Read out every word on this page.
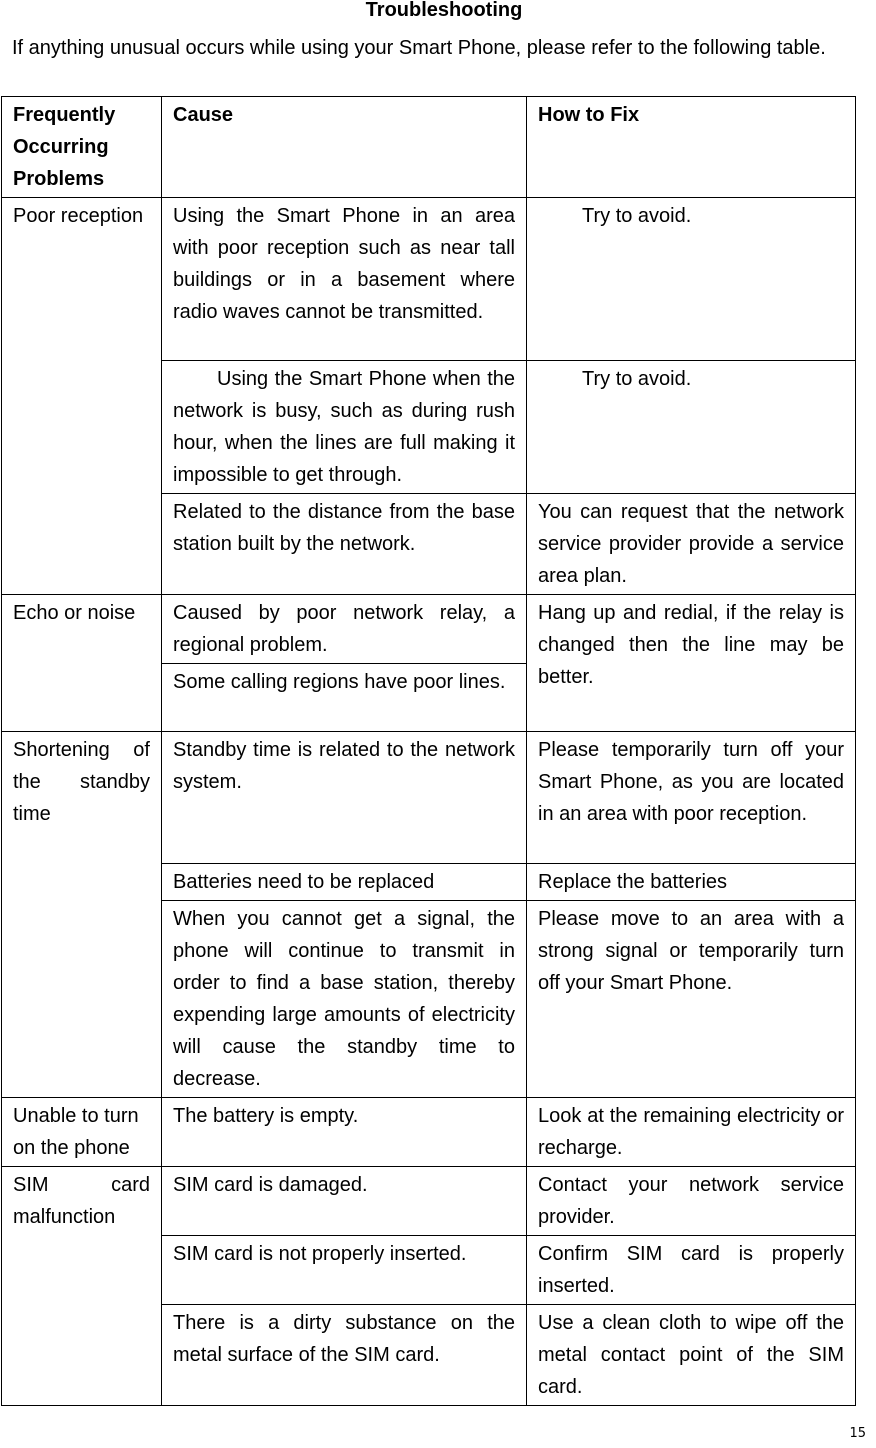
Troubleshooting
If anything unusual occurs while using your Smart Phone, please refer to the following table.
Frequently Occurring Problems	Cause	How to Fix
Poor reception	Using the Smart Phone in an area with poor reception such as near tall buildings or in a basement where radio waves cannot be transmitted.	Try to avoid.
	Using the Smart Phone when the network is busy, such as during rush hour, when the lines are full making it impossible to get through.	Try to avoid.
	Related to the distance from the base station built by the network.	You can request that the network service provider provide a service area plan.
Echo or noise	Caused by poor network relay, a regional problem.	Hang up and redial, if the relay is changed then the line may be better.
	Some calling regions have poor lines.	
Shortening of the standby time	Standby time is related to the network system.	Please temporarily turn off your Smart Phone, as you are located in an area with poor reception.
	Batteries need to be replaced	Replace the batteries
	When you cannot get a signal, the phone will continue to transmit in order to find a base station, thereby expending large amounts of electricity will cause the standby time to decrease.	Please move to an area with a strong signal or temporarily turn off your Smart Phone.
Unable to turn on the phone	The battery is empty.	Look at the remaining electricity or recharge.
SIM card malfunction	SIM card is damaged.	Contact your network service provider.
	SIM card is not properly inserted.	Confirm SIM card is properly inserted.
	There is a dirty substance on the metal surface of the SIM card.	Use a clean cloth to wipe off the metal contact point of the SIM card.
15
